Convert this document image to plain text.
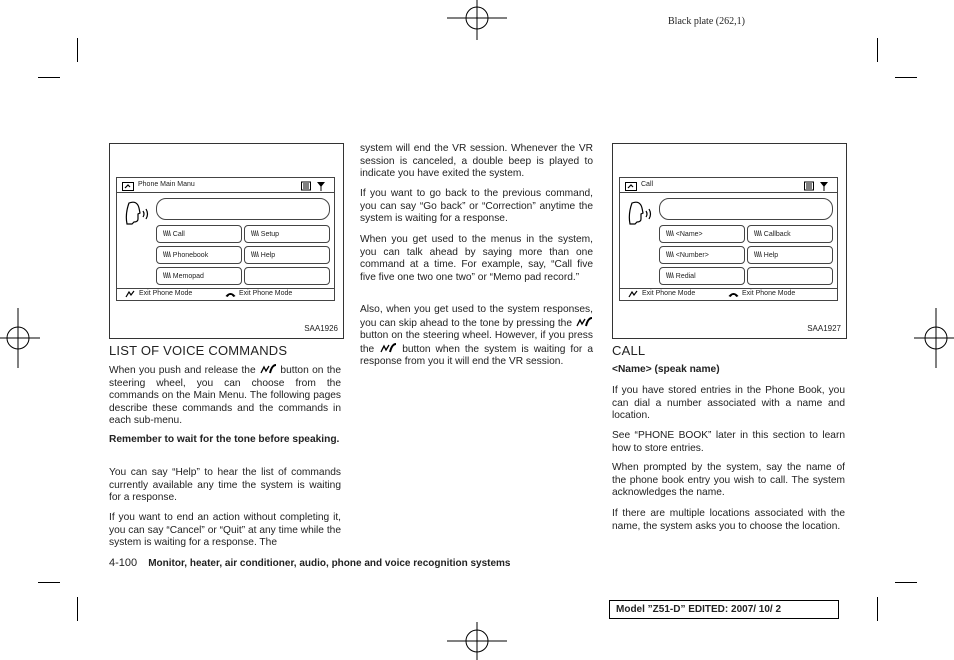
Black plate (262,1)
Phone Main Manu
\\\\ Call	\\\\ Setup
\\\\ Phonebook	\\\\ Help
\\\\ Memopad
Exit Phone Mode	Exit Phone Mode
SAA1926
LIST OF VOICE COMMANDS
When you push and release the button on the steering wheel, you can choose from the commands on the Main Menu. The following pages describe these commands and the commands in each sub-menu.
Remember to wait for the tone before speaking.
You can say “Help” to hear the list of commands currently available any time the system is waiting for a response.
If you want to end an action without completing it, you can say “Cancel” or “Quit” at any time while the system is waiting for a response. The
system will end the VR session. Whenever the VR session is canceled, a double beep is played to indicate you have exited the system.
If you want to go back to the previous command, you can say “Go back” or “Correction” anytime the system is waiting for a response.
When you get used to the menus in the system, you can talk ahead by saying more than one command at a time. For example, say, “Call five five five one two one two” or “Memo pad record.”
Also, when you get used to the system responses, you can skip ahead to the tone by pressing the  button on the steering wheel. However, if you press the	button when the system is waiting for a response from you it will end the VR session.
Call
\\\\ <Name>	\\\\ Callback
\\\\ <Number>	\\\\ Help
\\\\ Redial
Exit Phone Mode	Exit Phone Mode
SAA1927
CALL
<Name> (speak name)
If you have stored entries in the Phone Book, you can dial a number associated with a name and location.
See “PHONE BOOK” later in this section to learn how to store entries.
When prompted by the system, say the name of the phone book entry you wish to call. The system acknowledges the name.
If there are multiple locations associated with the name, the system asks you to choose the location.
4-100 Monitor, heater, air conditioner, audio, phone and voice recognition systems
Model ”Z51-D” EDITED: 2007/ 10/ 2
